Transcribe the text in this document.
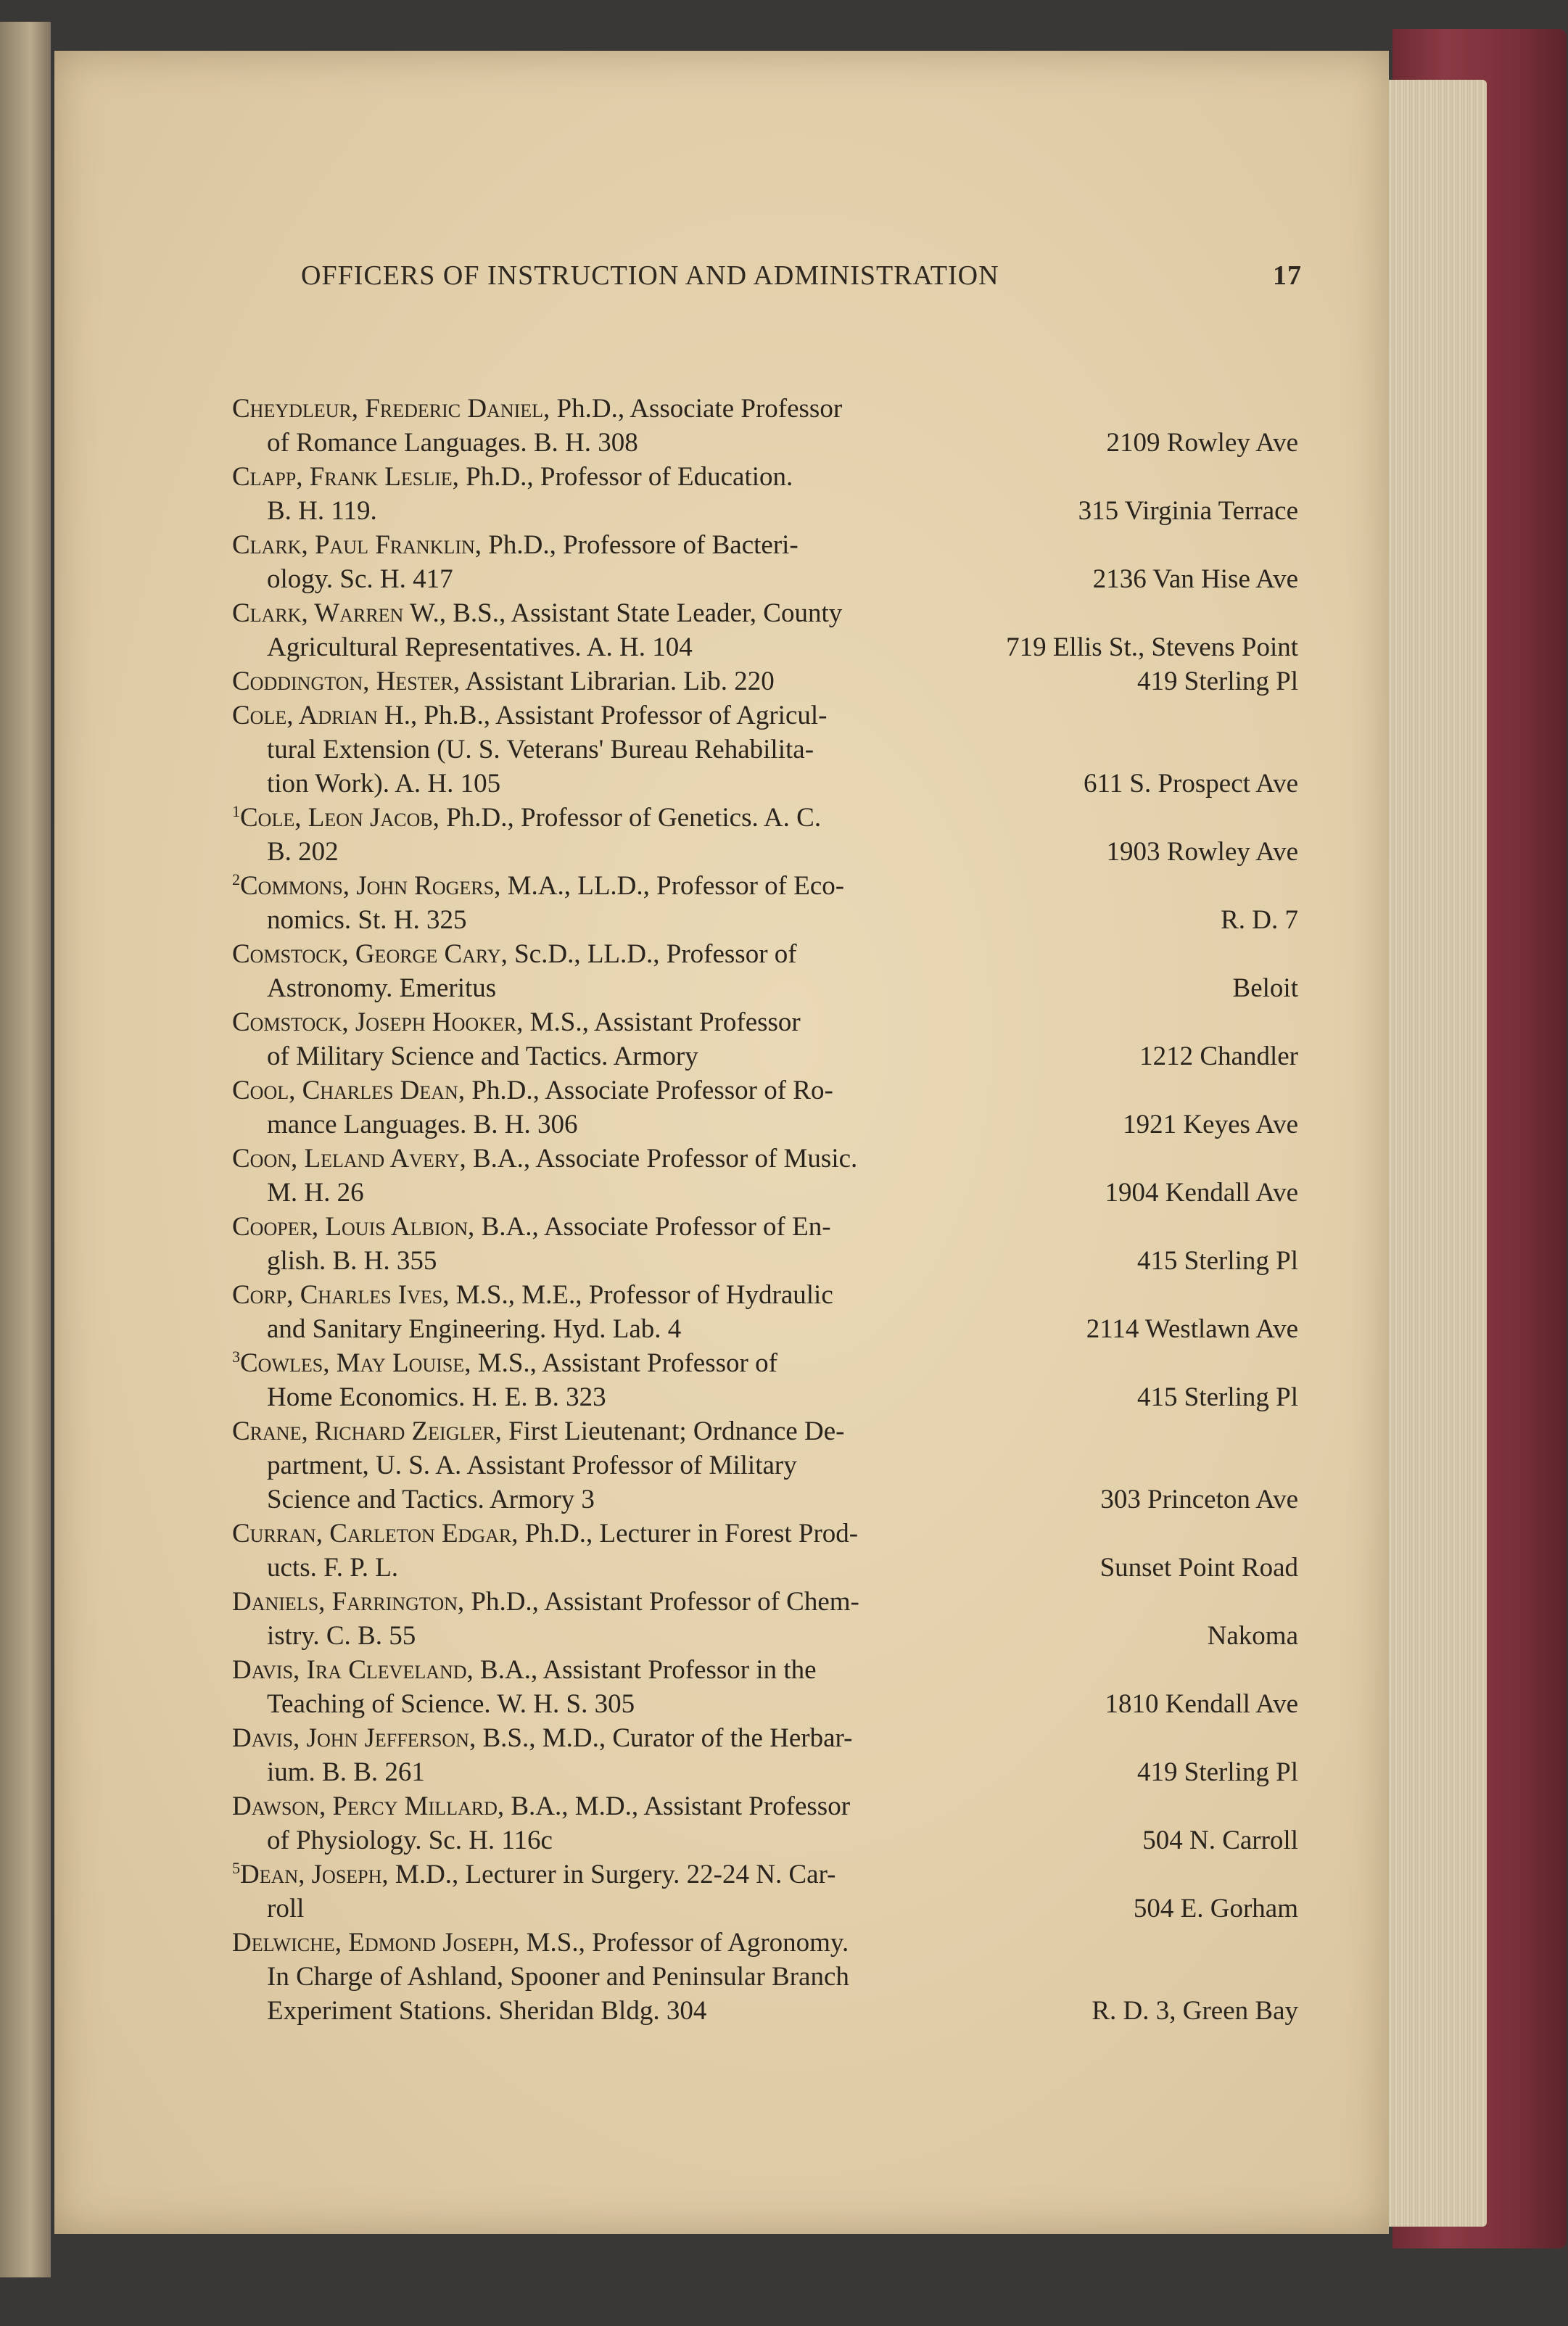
OFFICERS OF INSTRUCTION AND ADMINISTRATION	17
Cheydleur, Frederic Daniel, Ph.D., Associate Professor
of Romance Languages. B. H. 308	2109 Rowley Ave
Clapp, Frank Leslie, Ph.D., Professor of Education.
B. H. 119.	315 Virginia Terrace
Clark, Paul Franklin, Ph.D., Professore of Bacteri-
ology. Sc. H. 417	2136 Van Hise Ave
Clark, Warren W., B.S., Assistant State Leader, County
Agricultural Representatives. A. H. 104	719 Ellis St., Stevens Point
Coddington, Hester, Assistant Librarian. Lib. 220	419 Sterling Pl
Cole, Adrian H., Ph.B., Assistant Professor of Agricul-
tural Extension (U. S. Veterans' Bureau Rehabilita-
tion Work). A. H. 105	611 S. Prospect Ave
$^1$Cole, Leon Jacob, Ph.D., Professor of Genetics. A. C.
B. 202	1903 Rowley Ave
$^2$Commons, John Rogers, M.A., LL.D., Professor of Eco-
nomics. St. H. 325	R. D. 7
Comstock, George Cary, Sc.D., LL.D., Professor of
Astronomy. Emeritus	Beloit
Comstock, Joseph Hooker, M.S., Assistant Professor
of Military Science and Tactics. Armory	1212 Chandler
Cool, Charles Dean, Ph.D., Associate Professor of Ro-
mance Languages. B. H. 306	1921 Keyes Ave
Coon, Leland Avery, B.A., Associate Professor of Music.
M. H. 26	1904 Kendall Ave
Cooper, Louis Albion, B.A., Associate Professor of En-
glish. B. H. 355	415 Sterling Pl
Corp, Charles Ives, M.S., M.E., Professor of Hydraulic
and Sanitary Engineering. Hyd. Lab. 4	2114 Westlawn Ave
$^3$Cowles, May Louise, M.S., Assistant Professor of
Home Economics. H. E. B. 323	415 Sterling Pl
Crane, Richard Zeigler, First Lieutenant; Ordnance De-
partment, U. S. A. Assistant Professor of Military
Science and Tactics. Armory 3	303 Princeton Ave
Curran, Carleton Edgar, Ph.D., Lecturer in Forest Prod-
ucts. F. P. L.	Sunset Point Road
Daniels, Farrington, Ph.D., Assistant Professor of Chem-
istry. C. B. 55	Nakoma
Davis, Ira Cleveland, B.A., Assistant Professor in the
Teaching of Science. W. H. S. 305	1810 Kendall Ave
Davis, John Jefferson, B.S., M.D., Curator of the Herbar-
ium. B. B. 261	419 Sterling Pl
Dawson, Percy Millard, B.A., M.D., Assistant Professor
of Physiology. Sc. H. 116c	504 N. Carroll
$^5$Dean, Joseph, M.D., Lecturer in Surgery. 22-24 N. Car-
roll	504 E. Gorham
Delwiche, Edmond Joseph, M.S., Professor of Agronomy.
In Charge of Ashland, Spooner and Peninsular Branch
Experiment Stations. Sheridan Bldg. 304	R. D. 3, Green Bay
